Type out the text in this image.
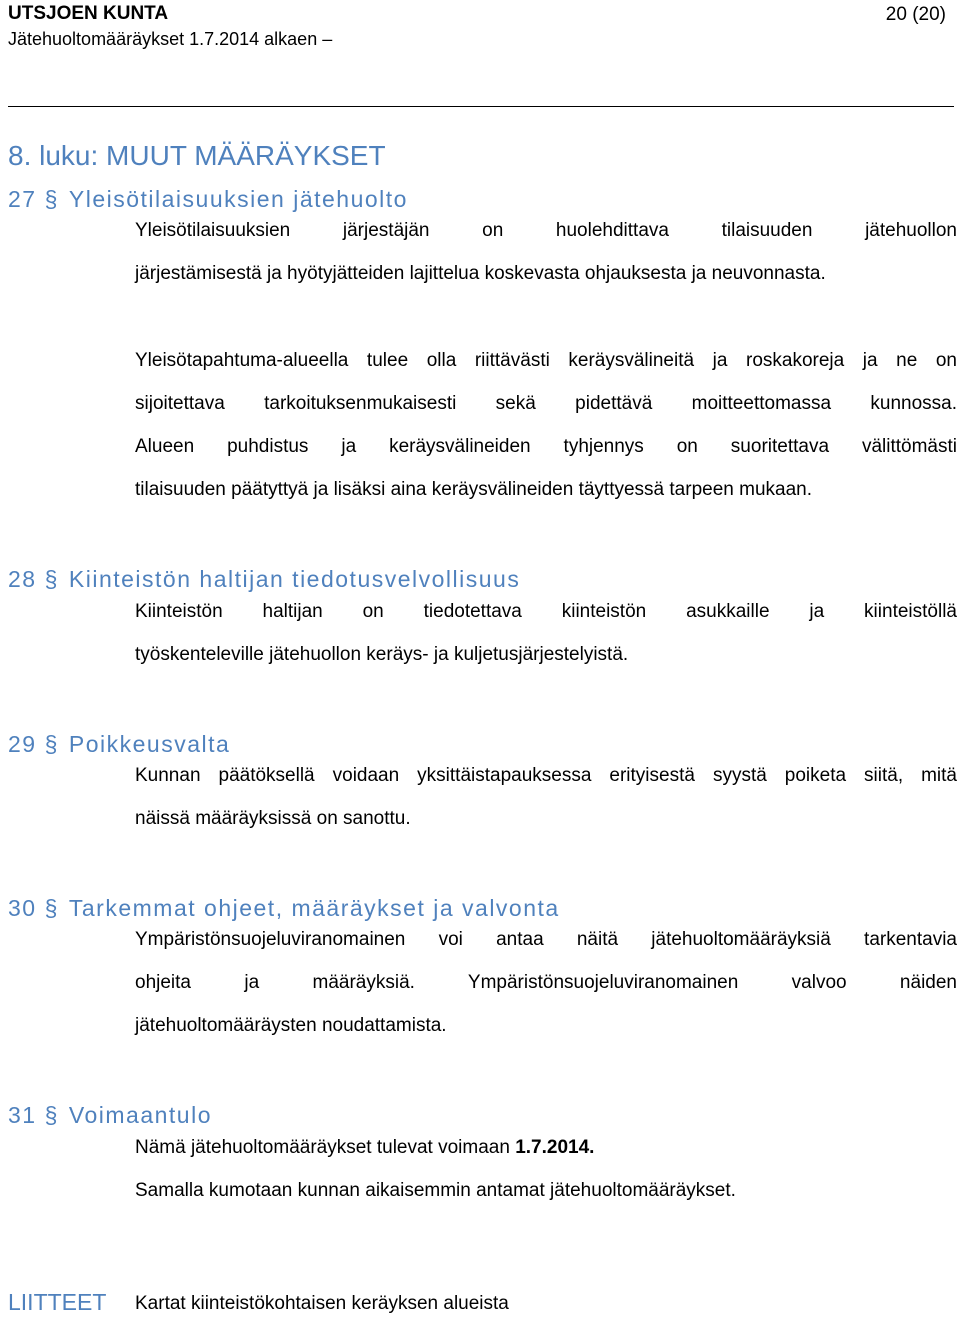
UTSJOEN KUNTA
Jätehuoltomääräykset 1.7.2014 alkaen –
20 (20)
8. luku: MUUT MÄÄRÄYKSET
27 § Yleisötilaisuuksien jätehuolto
Yleisötilaisuuksien järjestäjän on huolehdittava tilaisuuden jätehuollon
järjestämisestä ja hyötyjätteiden lajittelua koskevasta ohjauksesta ja neuvonnasta.
Yleisötapahtuma-alueella tulee olla riittävästi keräysvälineitä ja roskakoreja ja ne on
sijoitettava tarkoituksenmukaisesti sekä pidettävä moitteettomassa kunnossa.
Alueen puhdistus ja keräysvälineiden tyhjennys on suoritettava välittömästi
tilaisuuden päätyttyä ja lisäksi aina keräysvälineiden täyttyessä tarpeen mukaan.
28 § Kiinteistön haltijan tiedotusvelvollisuus
Kiinteistön haltijan on tiedotettava kiinteistön asukkaille ja kiinteistöllä
työskenteleville jätehuollon keräys- ja kuljetusjärjestelyistä.
29 § Poikkeusvalta
Kunnan päätöksellä voidaan yksittäistapauksessa erityisestä syystä poiketa siitä, mitä
näissä määräyksissä on sanottu.
30 § Tarkemmat ohjeet, määräykset ja valvonta
Ympäristönsuojeluviranomainen voi antaa näitä jätehuoltomääräyksiä tarkentavia
ohjeita ja määräyksiä. Ympäristönsuojeluviranomainen valvoo näiden
jätehuoltomääräysten noudattamista.
31 § Voimaantulo
Nämä jätehuoltomääräykset tulevat voimaan 1.7.2014.
Samalla kumotaan kunnan aikaisemmin antamat jätehuoltomääräykset.
LIITTEET Kartat kiinteistökohtaisen keräyksen alueista
